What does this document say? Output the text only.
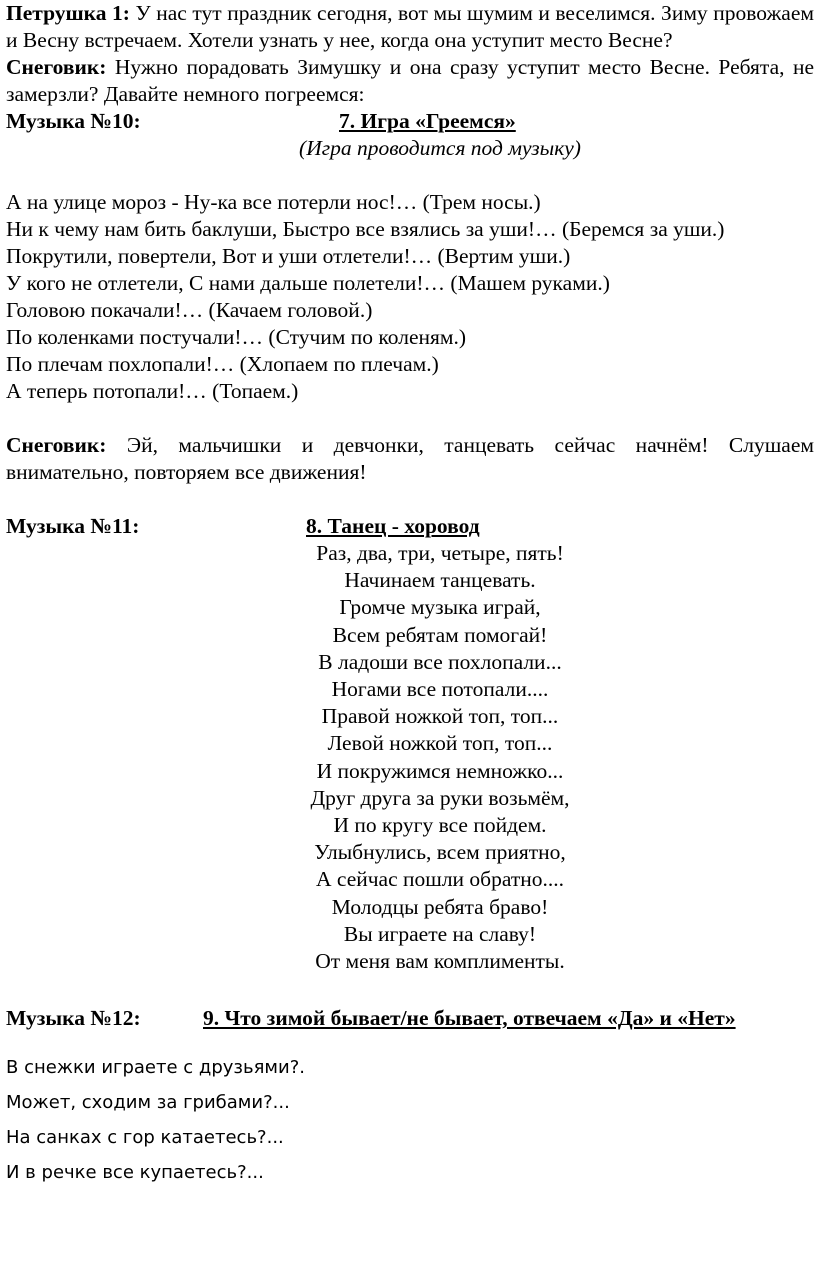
Петрушка 1: У нас тут праздник сегодня, вот мы шумим и веселимся. Зиму провожаем и Весну встречаем. Хотели узнать у нее, когда она уступит место Весне?

Снеговик: Нужно порадовать Зимушку и она сразу уступит место Весне. Ребята, не замерзли? Давайте немного погреемся:

Музыка №10:	7. Игра «Греемся»
(Игра проводится под музыку)
А на улице мороз - Ну-ка все потерли нос!… (Трем носы.)
Ни к чему нам бить баклуши, Быстро все взялись за уши!… (Беремся за уши.)
Покрутили, повертели, Вот и уши отлетели!… (Вертим уши.)
У кого не отлетели, С нами дальше полетели!… (Машем руками.)
Головою покачали!… (Качаем головой.)
По коленками постучали!… (Стучим по коленям.)
По плечам похлопали!… (Хлопаем по плечам.)
А теперь потопали!… (Топаем.)

Снеговик: Эй, мальчишки и девчонки, танцевать сейчас начнём! Слушаем внимательно, повторяем все движения!

Музыка №11:	8. Танец - хоровод
Раз, два, три, четыре, пять!
Начинаем танцевать.
Громче музыка играй,
Всем ребятам помогай!
В ладоши все похлопали...
Ногами все потопали....
Правой ножкой топ, топ...
Левой ножкой топ, топ...
И покружимся немножко...
Друг друга за руки возьмём,
И по кругу все пойдем.
Улыбнулись, всем приятно,
А сейчас пошли обратно....
Молодцы ребята браво!
Вы играете на славу!
От меня вам комплименты.
Музыка №12:	9. Что зимой бывает/не бывает, отвечаем «Да» и «Нет»
В снежки играете с друзьями?.
Может, сходим за грибами?...
На санках с гор катаетесь?...
И в речке все купаетесь?...
